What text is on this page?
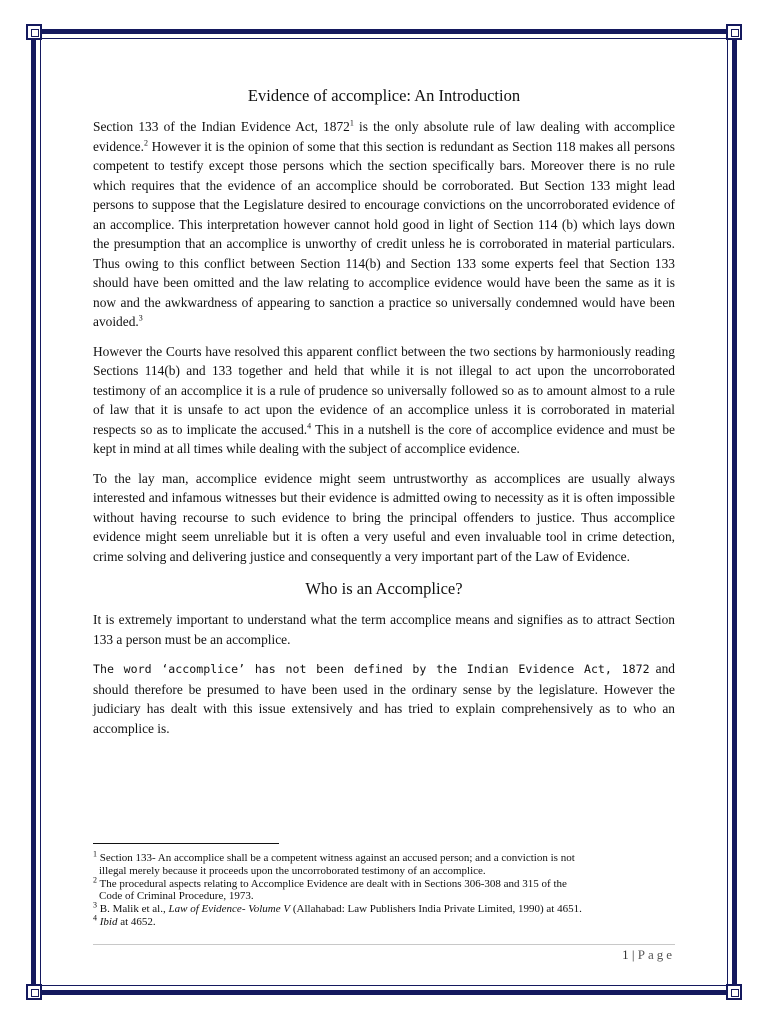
Evidence of accomplice: An Introduction

Section 133 of the Indian Evidence Act, 1872$^1$ is the only absolute rule of law dealing with accomplice evidence.$^2$ However it is the opinion of some that this section is redundant as Section 118 makes all persons competent to testify except those persons which the section specifically bars. Moreover there is no rule which requires that the evidence of an accomplice should be corroborated. But Section 133 might lead persons to suppose that the Legislature desired to encourage convictions on the uncorroborated evidence of an accomplice. This interpretation however cannot hold good in light of Section 114 (b) which lays down the presumption that an accomplice is unworthy of credit unless he is corroborated in material particulars. Thus owing to this conflict between Section 114(b) and Section 133 some experts feel that Section 133 should have been omitted and the law relating to accomplice evidence would have been the same as it is now and the awkwardness of appearing to sanction a practice so universally condemned would have been avoided.$^3$

However the Courts have resolved this apparent conflict between the two sections by harmoniously reading Sections 114(b) and 133 together and held that while it is not illegal to act upon the uncorroborated testimony of an accomplice it is a rule of prudence so universally followed so as to amount almost to a rule of law that it is unsafe to act upon the evidence of an accomplice unless it is corroborated in material respects so as to implicate the accused.$^4$ This in a nutshell is the core of accomplice evidence and must be kept in mind at all times while dealing with the subject of accomplice evidence.

To the lay man, accomplice evidence might seem untrustworthy as accomplices are usually always interested and infamous witnesses but their evidence is admitted owing to necessity as it is often impossible without having recourse to such evidence to bring the principal offenders to justice. Thus accomplice evidence might seem unreliable but it is often a very useful and even invaluable tool in crime detection, crime solving and delivering justice and consequently a very important part of the Law of Evidence.

Who is an Accomplice?

It is extremely important to understand what the term accomplice means and signifies as to attract Section 133 a person must be an accomplice.

The word ‘accomplice’ has not been defined by the Indian Evidence Act, 1872 and should therefore be presumed to have been used in the ordinary sense by the legislature. However the judiciary has dealt with this issue extensively and has tried to explain comprehensively as to who an accomplice is.

$^1$ Section 133- An accomplice shall be a competent witness against an accused person; and a conviction is not
illegal merely because it proceeds upon the uncorroborated testimony of an accomplice.

$^2$ The procedural aspects relating to Accomplice Evidence are dealt with in Sections 306-308 and 315 of the
Code of Criminal Procedure, 1973.

$^3$ B. Malik et al., Law of Evidence- Volume V (Allahabad: Law Publishers India Private Limited, 1990) at 4651.

$^4$ Ibid at 4652.

1 | Page
